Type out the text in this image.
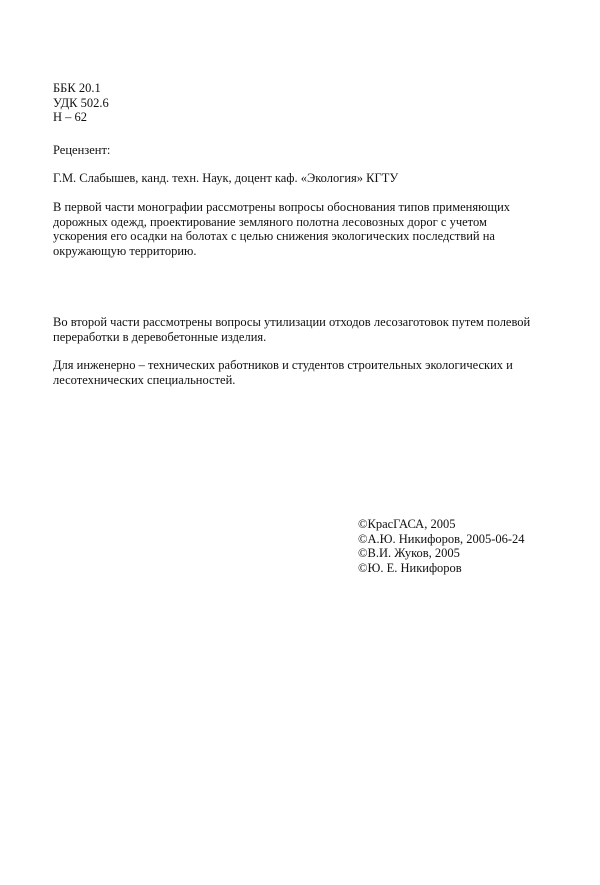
ББК 20.1
УДК 502.6
Н – 62
Рецензент:
Г.М. Слабышев, канд. техн. Наук, доцент каф. «Экология» КГТУ
В первой части монографии рассмотрены вопросы обоснования типов применяющих
дорожных одежд, проектирование земляного полотна лесовозных дорог с учетом
ускорения его осадки на болотах с целью снижения экологических последствий на
окружающую территорию.
Во второй части рассмотрены вопросы утилизации отходов лесозаготовок путем полевой
переработки в деревобетонные изделия.
Для инженерно – технических работников и студентов строительных экологических и
лесотехнических специальностей.
©КрасГАСА, 2005
©А.Ю. Никифоров, 2005-06-24
©В.И. Жуков, 2005
©Ю. Е. Никифоров
